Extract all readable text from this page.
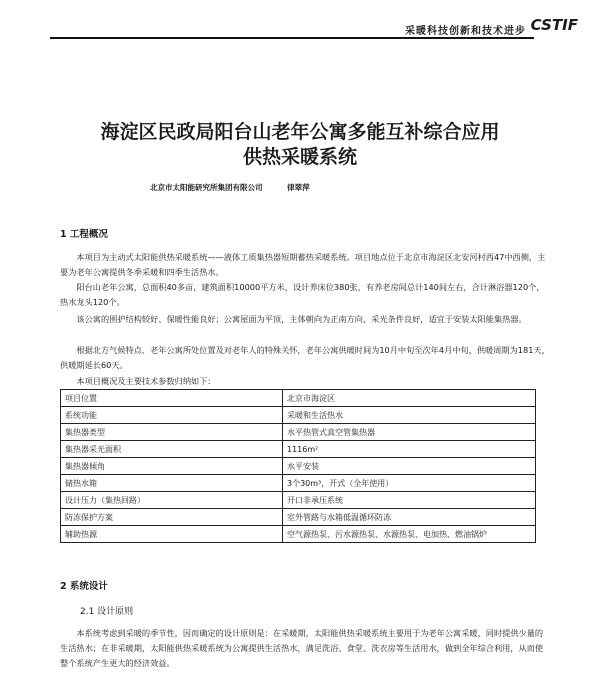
采暖科技创新和技术进步 CSTIF
海淀区民政局阳台山老年公寓多能互补综合应用
供热采暖系统
北京市太阳能研究所集团有限公司	律翠萍
1 工程概况

本项目为主动式太阳能供热采暖系统——液体工质集热器短期蓄热采暖系统。项目地点位于北京市海淀区北安河村西47中西侧，主要为老年公寓提供冬季采暖和四季生活热水。

阳台山老年公寓，总面积40多亩，建筑面积10000平方米，设计养床位380张，有养老房间总计140间左右，合计淋浴器120个，热水龙头120个。

该公寓的围护结构较好、保暖性能良好；公寓屋面为平顶，主体朝向为正南方向，采光条件良好，适宜于安装太阳能集热器。

根据北方气候特点、老年公寓所处位置及对老年人的特殊关怀，老年公寓供暖时间为10月中旬至次年4月中旬，供暖周期为181天，供暖期延长60天。

本项目概况及主要技术参数归纳如下：

项目位置	北京市海淀区
系统功能	采暖和生活热水
集热器类型	水平热管式真空管集热器
集热器采光面积	1116m²
集热器倾角	水平安装
储热水箱	3个30m³，开式（全年使用）
设计压力（集热回路）	开口非承压系统
防冻保护方案	室外管路与水箱低温循环防冻
辅助热源	空气源热泵、污水源热泵、水源热泵、电加热、燃油锅炉
2 系统设计
2.1 设计原则

本系统考虑到采暖的季节性，因而确定的设计原则是：在采暖期，太阳能供热采暖系统主要用于为老年公寓采暖，同时提供少量的生活热水；在非采暖期，太阳能供热采暖系统为公寓提供生活热水，满足洗浴、食堂、洗衣房等生活用水，做到全年综合利用，从而使整个系统产生更大的经济效益。
